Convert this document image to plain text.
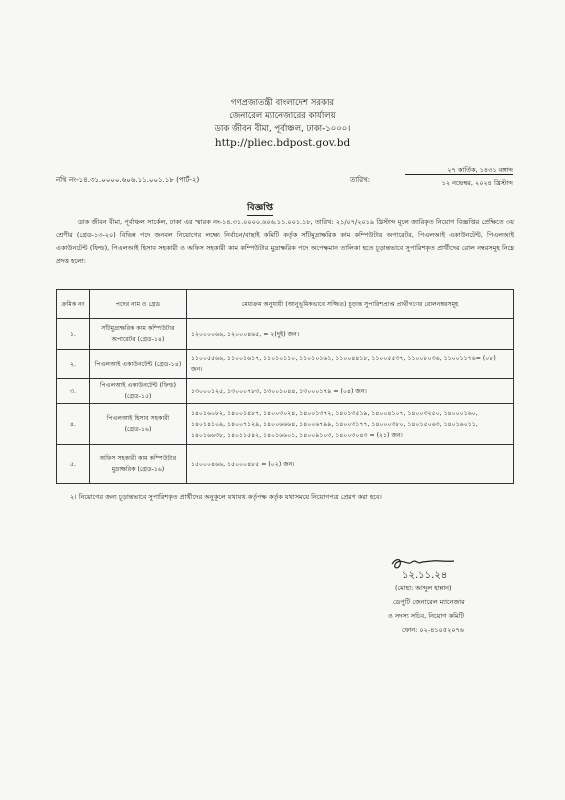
গণপ্রজাতন্ত্রী বাংলাদেশ সরকার
জেনারেল ম্যানেজারের কার্যালয়
ডাক জীবন বীমা, পূর্বাঞ্চল, ঢাকা-১০০০।
http://pliec.bdpost.gov.bd
নথি নং-১৪.৩১.০০০০.৬০৬.১১.০০১.১৮ (পার্ট-২)	তারিখ:
২৭ কার্তিক, ১৪৩১ বঙ্গাব্দ
১২ নভেম্বর, ২০২৪ খ্রিস্টাব্দ
বিজ্ঞপ্তি
ডাক জীবন বীমা, পূর্বাঞ্চল সার্কেল, ঢাকা এর স্মারক নং-১৪.৩১.০০০০.৬০৬.১১.০০১.১৮, তারিখ: ২১/০৭/২০১৯ খ্রিস্টাব্দ মূলে জারিকৃত নিয়োগ বিজ্ঞপ্তির প্রেক্ষিতে ৩য় শ্রেণীর (গ্রেড-১৩-২০) বিভিন্ন পদে জনবল নিয়োগের লক্ষ্যে নির্বাচন/বাছাই কমিটি কর্তৃক সাঁটমুদ্রাক্ষরিক কাম কম্পিউটার অপারেটর, পিএলআই একাউনটেন্ট, পিএলআই একাউনটেন্ট (ফিল্ড), পিএলআই হিসাব সহকারী ও অফিস সহকারী কাম কম্পিউটার মুদ্রাক্ষরিক পদে অপেক্ষমান তালিকা হতে চূড়ান্তভাবে সুপারিশকৃত প্রার্থীদের রোল নম্বরসমূহ নিম্নে প্রদত্ত হলো:
ক্রমিক নং	পদের নাম ও গ্রেড	মেধাক্রম অনুযায়ী (আনুভূমিকভাবে সজ্জিত) চূড়ান্ত সুপারিশপ্রাপ্ত প্রার্থীগণের রোলনম্বরসমূহ
১.	সাঁটমুদ্রাক্ষরিক কাম কম্পিউটার অপারেটর (গ্রেড-১৪)	১২০০০০৬৬, ১২০০০৪৬৫, = ২(দুই) জন।
২.	পিএলআই একাউনটেন্ট (গ্রেড-১৪)	১১০০৫৫৬৬, ১১০০১৬১৭, ১১০১০১১০, ১১০১০১৬১, ১১০০৪৪১৮, ১১০০৫৫৩৭, ১১০০৮০৩৬, ১১০০১১৭৬= (০৮) জন।
৩.	পিএলআই একাউনটেন্ট (ফিল্ড) (গ্রেড-১৫)	১৩০০০১২৫, ১৩০০০৭৮৩, ১৩০০১০৪৪, ১৩০০০১৭৯ = (০৪) জন।
৪.	পিএলআই হিসাব সহকারী (গ্রেড-১৬)	১৪০১৬০৮২, ১৪০০১৪৮৭, ১৪০০৩০২৪, ১৪০০১৩৭২, ১৪০১৩৫১৯, ১৪০০৪১০৭, ১৪০০৩২৫০, ১৪০০০১৬০, ১৪০১৪১০৯, ১৪০০৭১২৯, ১৪০০৬৬৬৪, ১৪০০৬৭৯৯, ১৪০০৩১৭৭, ১৪০০০৩৮০, ১৪০১৫০৬৩, ১৪০১৬০১১, ১৪০১৬৬৩৮, ১৪০১১৫৪২, ১৪০১৬৬০১, ১৪০০৯১০৩, ১৪০০৩০৪৩ = (২১) জন।
৫.	অফিস সহকারী কাম কম্পিউটার মুদ্রাক্ষরিক (গ্রেড-১৬)	১৫০০০৪৬৬, ১৫০০০৪৮৫ = (০২) জন।
২। নিয়োগের জন্য চূড়ান্তভাবে সুপারিশকৃত প্রার্থীদের অনুকূলে যথাযথ কর্তৃপক্ষ কর্তৃক যথাসময়ে নিয়োগপত্র প্রেরণ করা হবে।
১২.১১.২৪
(মোহা: আব্দুল হান্নান)
ডেপুটি জেনারেল ম্যানেজার
ও সদস্য সচিব, নিয়োগ কমিটি
ফোন: ০২-৪১০৫২০৭৬
